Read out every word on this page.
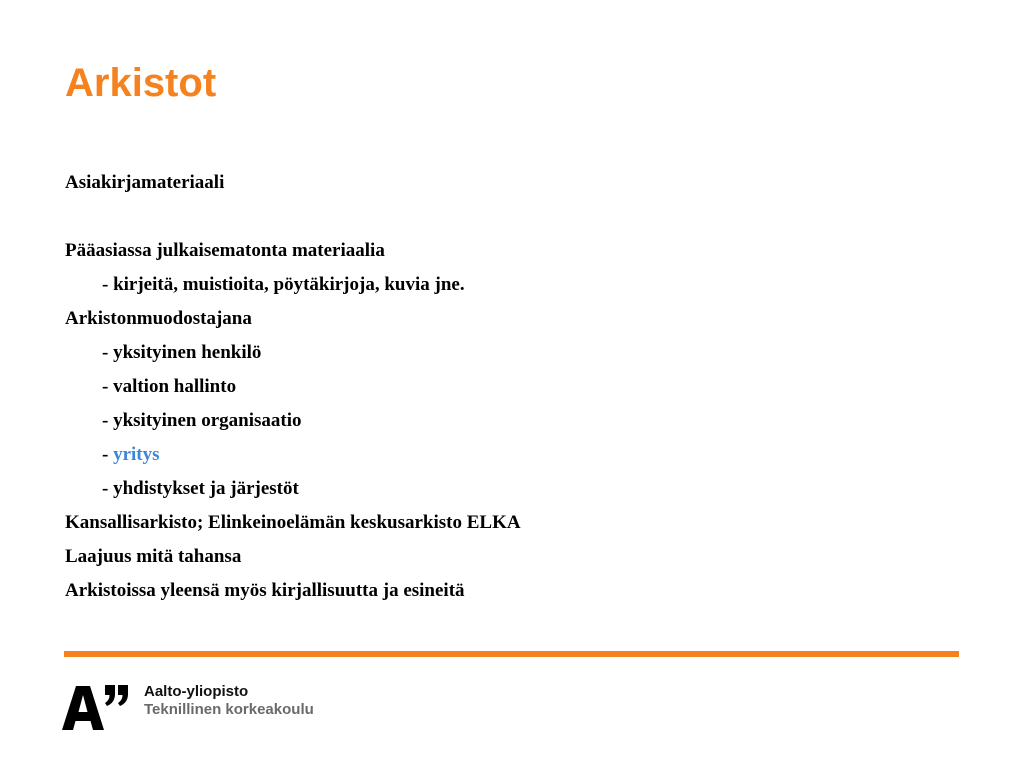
Arkistot
Asiakirjamateriaali
Pääasiassa julkaisematonta materiaalia
- kirjeitä, muistioita, pöytäkirjoja, kuvia jne.
Arkistonmuodostajana
- yksityinen henkilö
- valtion hallinto
- yksityinen organisaatio
- yritys
- yhdistykset ja järjestöt
Kansallisarkisto; Elinkeinoelämän keskusarkisto ELKA
Laajuus mitä tahansa
Arkistoissa yleensä myös kirjallisuutta ja esineitä
Aalto-yliopisto
Teknillinen korkeakoulu
